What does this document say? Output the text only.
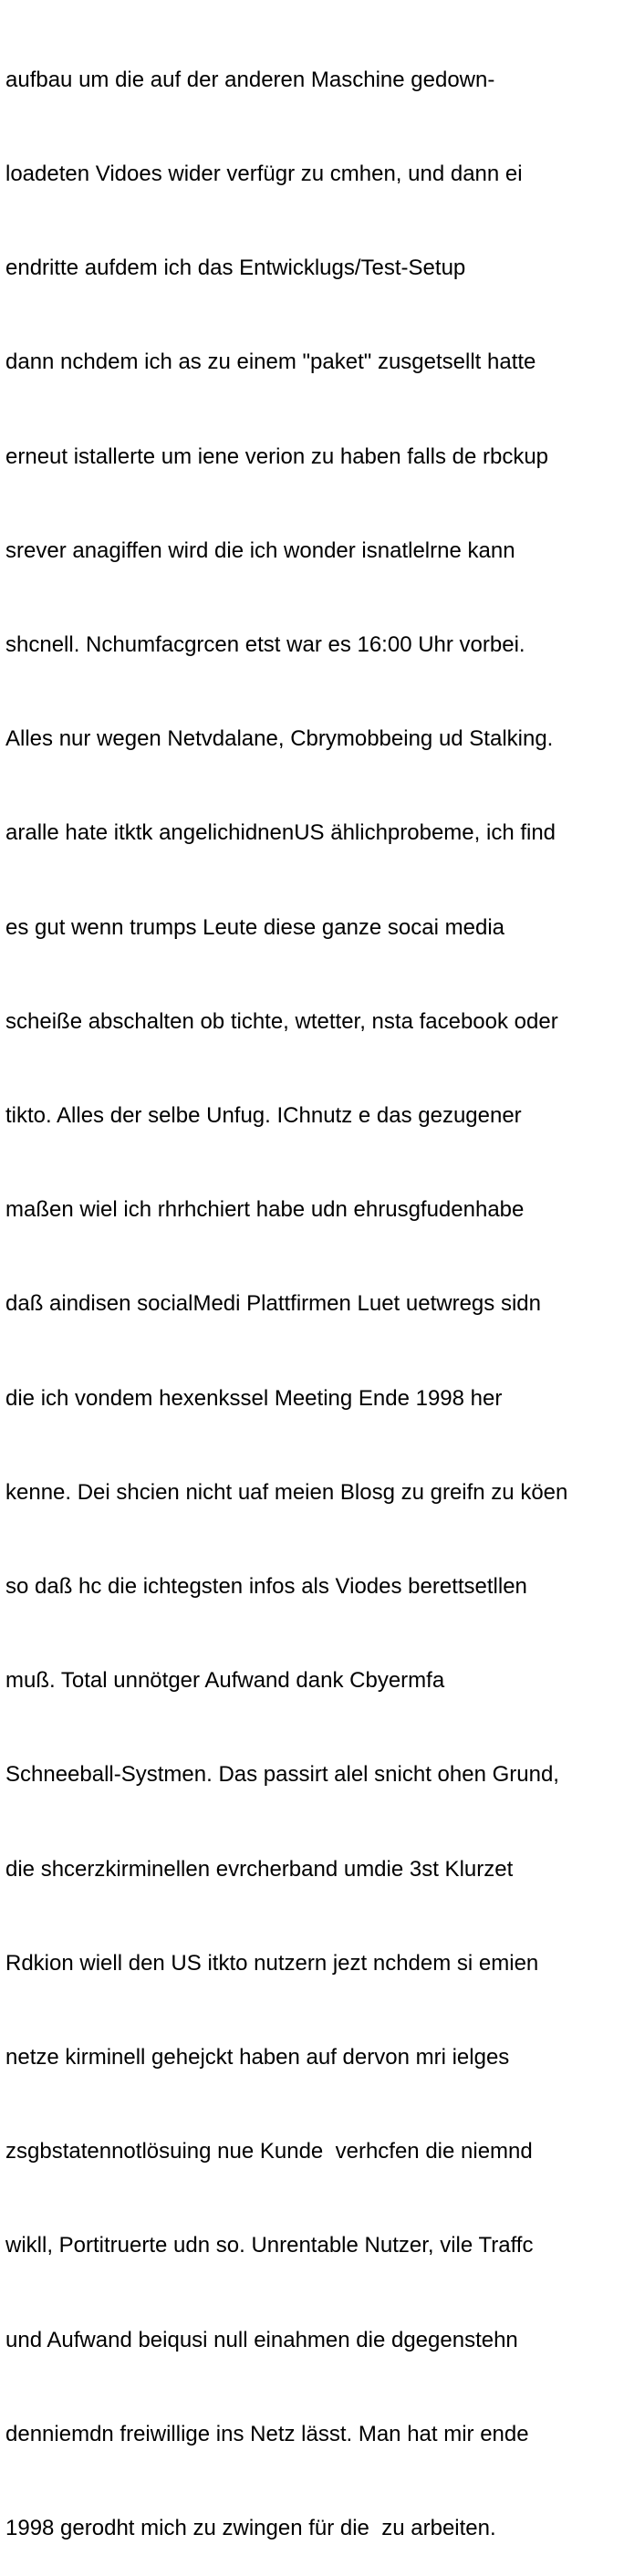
aufbau um die auf der anderen Maschine gedown-

loadeten Vidoes wider verfügr zu cmhen, und dann ei

endritte aufdem ich das Entwicklugs/Test-Setup

dann nchdem ich as zu einem "paket" zusgetsellt hatte

erneut istallerte um iene verion zu haben falls de rbckup

srever anagiffen wird die ich wonder isnatlelrne kann

shcnell. Nchumfacgrcen etst war es 16:00 Uhr vorbei.

Alles nur wegen Netvdalane, Cbrymobbeing ud Stalking.

aralle hate itktk angelichidnenUS ählichprobeme, ich find

es gut wenn trumps Leute diese ganze socai media

scheiße abschalten ob tichte, wtetter, nsta facebook oder

tikto. Alles der selbe Unfug. IChnutz e das gezugener

maßen wiel ich rhrhchiert habe udn ehrusgfudenhabe

daß aindisen socialMedi Plattfirmen Luet uetwregs sidn

die ich vondem hexenkssel Meeting Ende 1998 her

kenne. Dei shcien nicht uaf meien Blosg zu greifn zu köen

so daß hc die ichtegsten infos als Viodes berettsetllen

muß. Total unnötger Aufwand dank Cbyermfa

Schneeball-Systmen. Das passirt alel snicht ohen Grund,

die shcerzkirminellen evrcherband umdie 3st Klurzet

Rdkion wiell den US itkto nutzern jezt nchdem si emien

netze kirminell gehejckt haben auf dervon mri ielges

zsgbstatennotlösuing nue Kunde  verhcfen die niemnd

wikll, Portitruerte udn so. Unrentable Nutzer, vile Traffc

und Aufwand beiqusi null einahmen die dgegenstehn

denniemdn freiwillige ins Netz lässt. Man hat mir ende

1998 gerodht mich zu zwingen für die  zu arbeiten.
